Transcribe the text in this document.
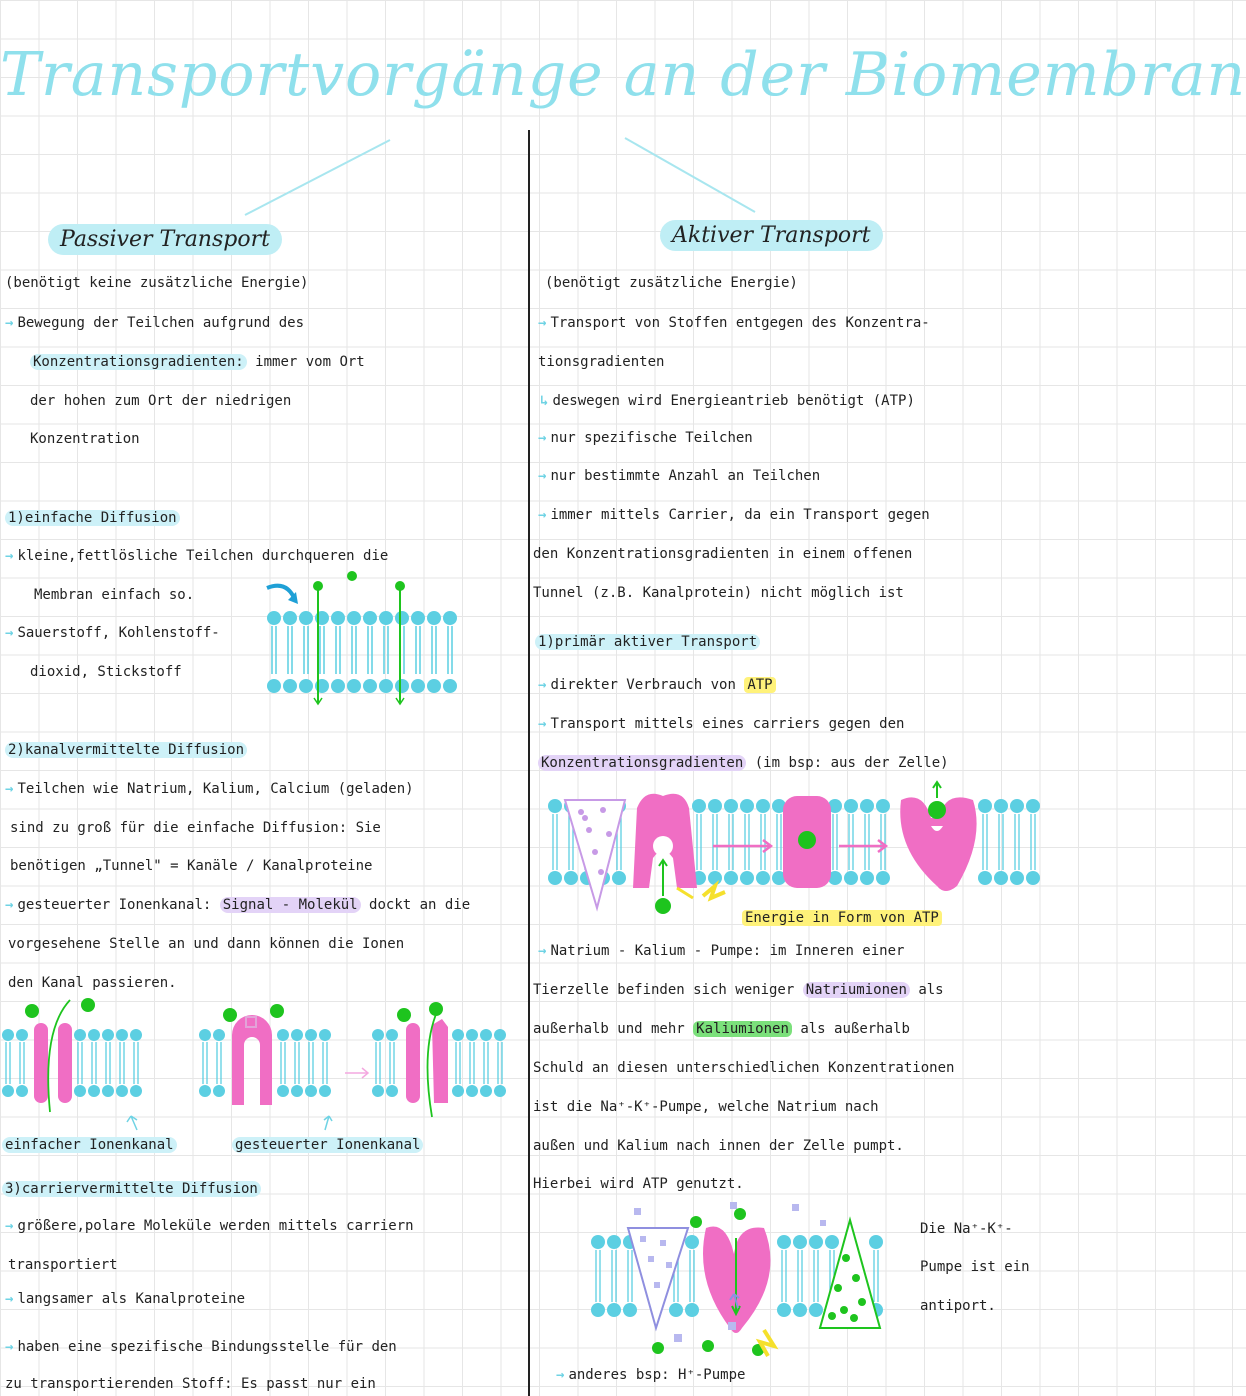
Transportvorgänge an der Biomembran
Passiver Transport
(benötigt keine zusätzliche Energie)
→ Bewegung der Teilchen aufgrund des
Konzentrationsgradienten: immer vom Ort
der hohen zum Ort der niedrigen
Konzentration
1)einfache Diffusion
→ kleine,fettlösliche Teilchen durchqueren die
Membran einfach so.
→ Sauerstoff, Kohlenstoff-
dioxid, Stickstoff
2)kanalvermittelte Diffusion
→ Teilchen wie Natrium, Kalium, Calcium (geladen)
sind zu groß für die einfache Diffusion: Sie
benötigen „Tunnel" = Kanäle / Kanalproteine
→ gesteuerter Ionenkanal: Signal - Molekül dockt an die
vorgesehene Stelle an und dann können die Ionen
den Kanal passieren.
einfacher Ionenkanal	gesteuerter Ionenkanal
3)carriervermittelte Diffusion
→ größere,polare Moleküle werden mittels carriern
transportiert
→ langsamer als Kanalproteine
→ haben eine spezifische Bindungsstelle für den
zu transportierenden Stoff: Es passt nur ein
Aktiver Transport
(benötigt zusätzliche Energie)
→ Transport von Stoffen entgegen des Konzentra-
tionsgradienten
↳ deswegen wird Energieantrieb benötigt (ATP)
→ nur spezifische Teilchen
→ nur bestimmte Anzahl an Teilchen
→ immer mittels Carrier, da ein Transport gegen
den Konzentrationsgradienten in einem offenen
Tunnel (z.B. Kanalprotein) nicht möglich ist
1)primär aktiver Transport
→ direkter Verbrauch von ATP
→ Transport mittels eines carriers gegen den
Konzentrationsgradienten (im bsp: aus der Zelle)
Energie in Form von ATP
→ Natrium - Kalium - Pumpe: im Inneren einer
Tierzelle befinden sich weniger Natriumionen als
außerhalb und mehr Kaliumionen als außerhalb
Schuld an diesen unterschiedlichen Konzentrationen
ist die Na⁺-K⁺-Pumpe, welche Natrium nach
außen und Kalium nach innen der Zelle pumpt.
Hierbei wird ATP genutzt.
Die Na⁺-K⁺-
Pumpe ist ein
antiport.
→ anderes bsp: H⁺-Pumpe
